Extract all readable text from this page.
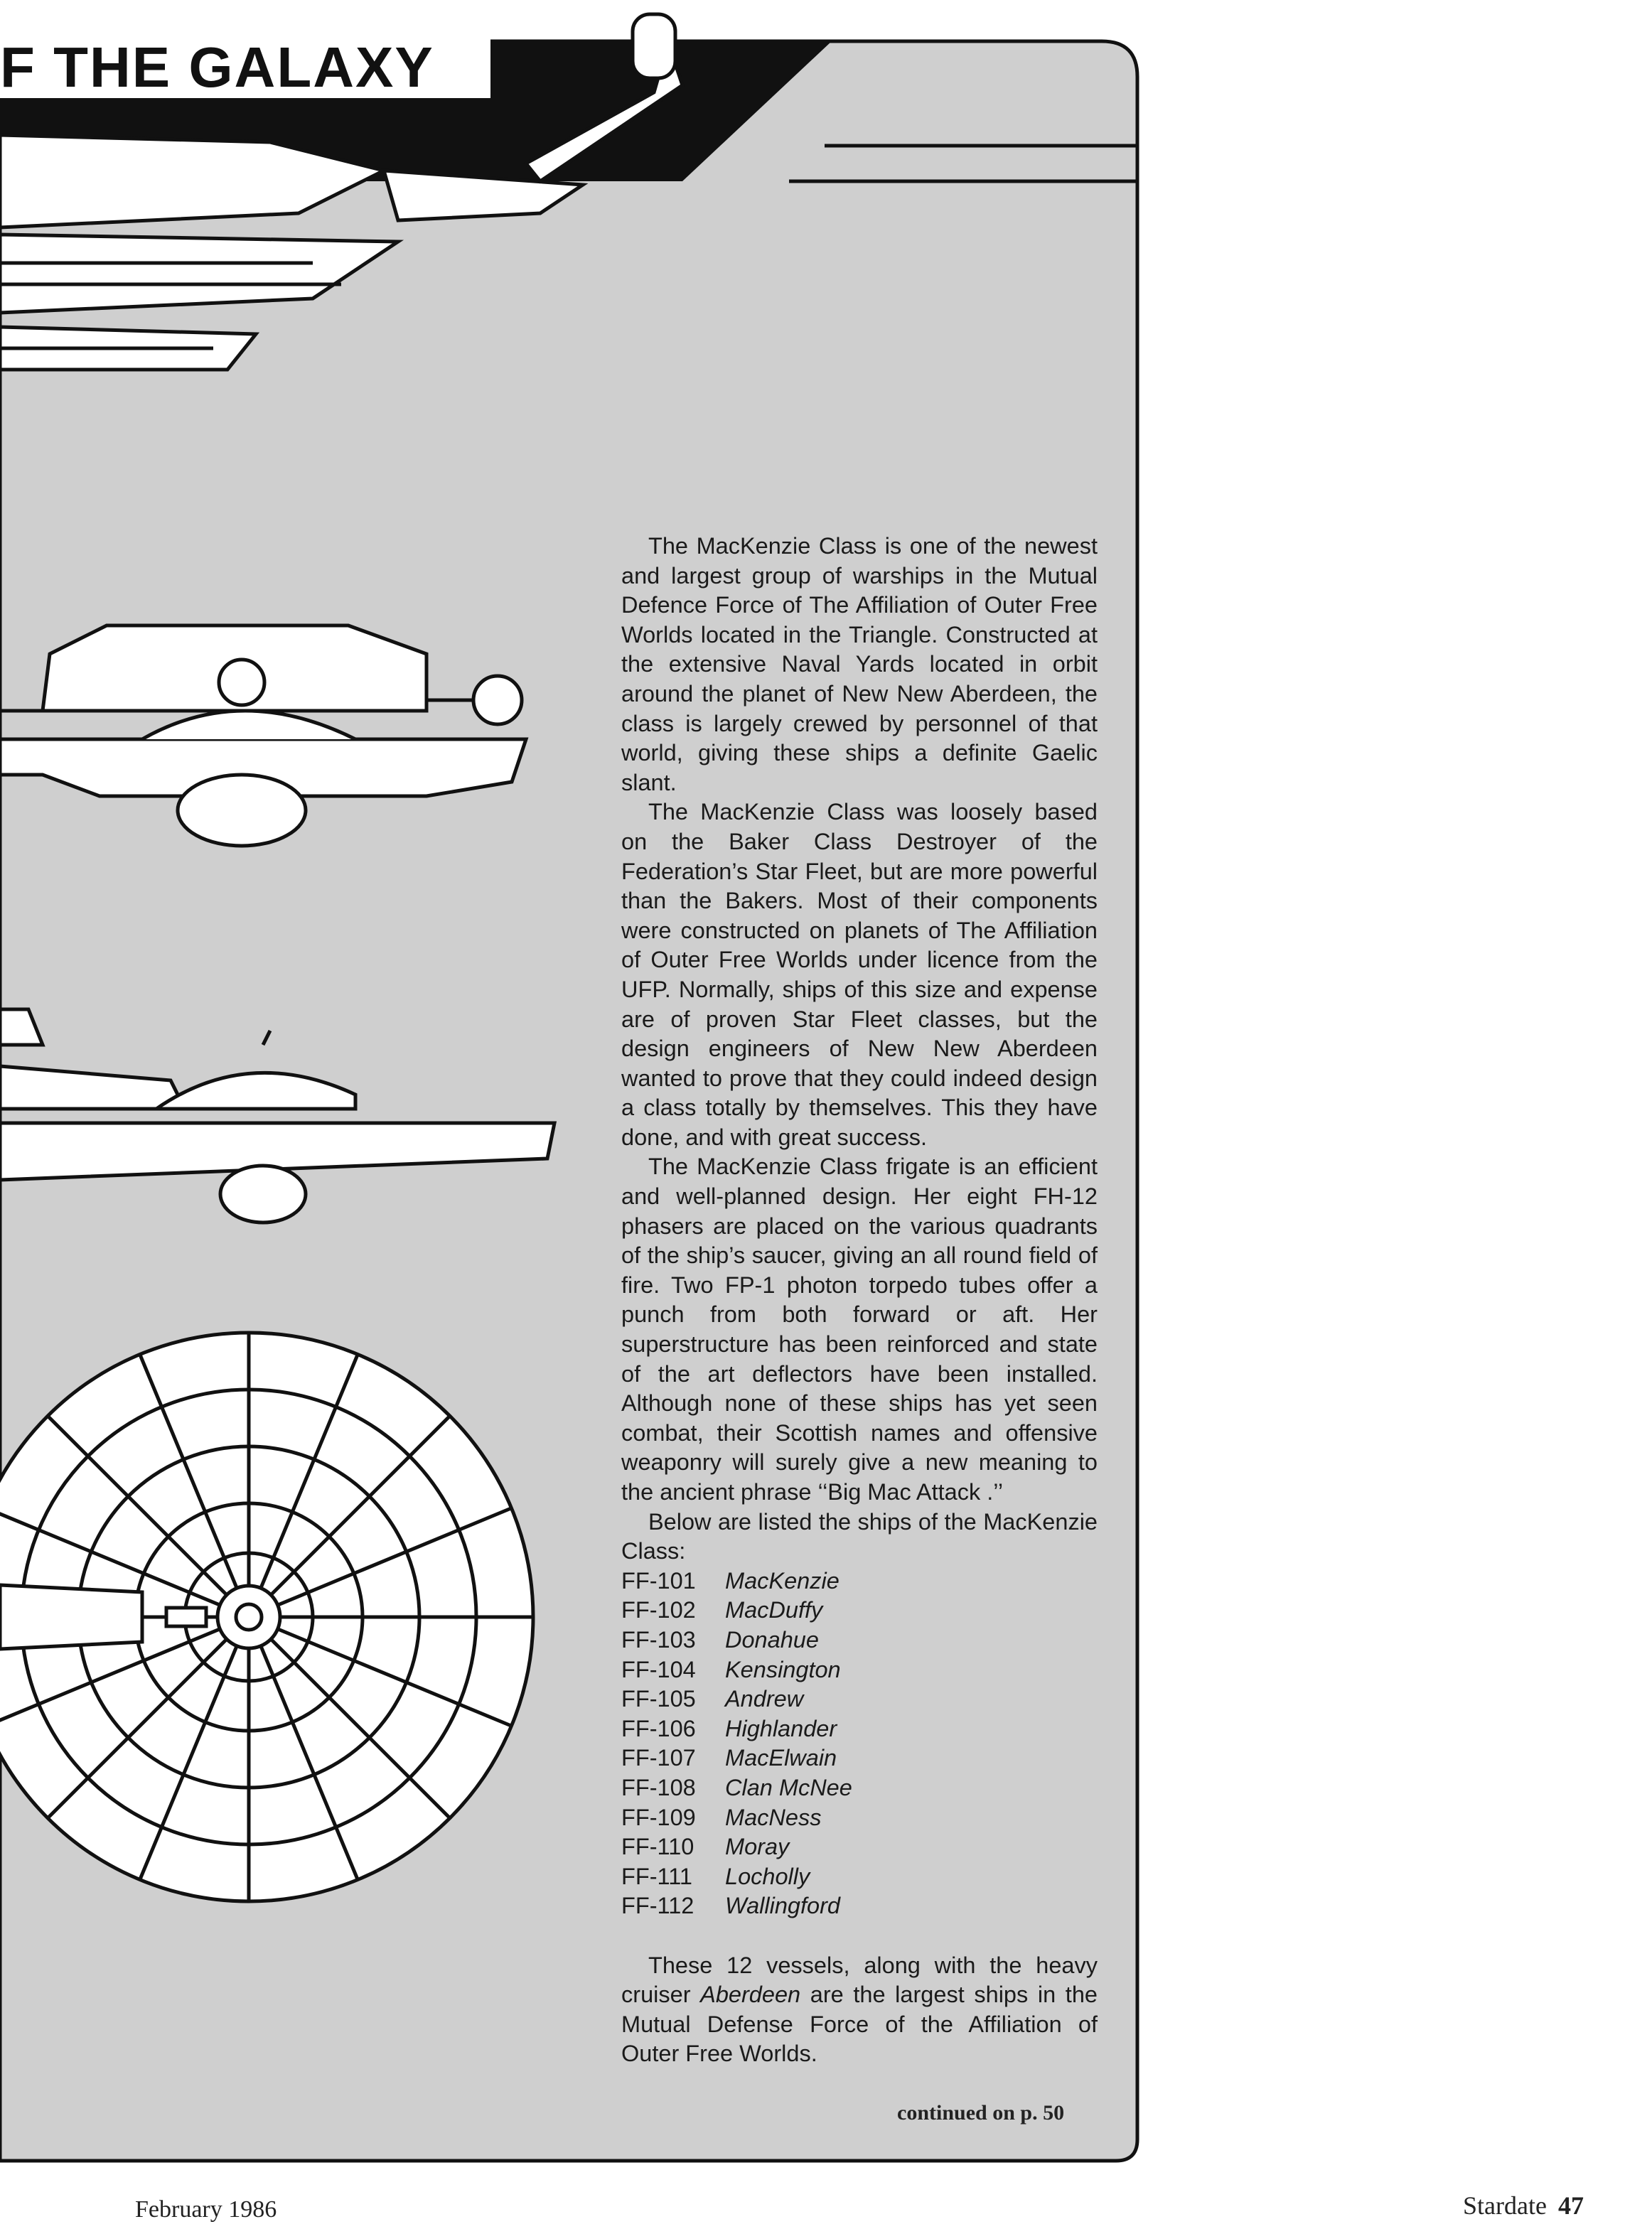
F THE GALAXY

The MacKenzie Class is one of the newest and largest group of warships in the Mutual Defence Force of The Affiliation of Outer Free Worlds located in the Triangle. Constructed at the extensive Naval Yards located in orbit around the planet of New New Aberdeen, the class is largely crewed by personnel of that world, giving these ships a definite Gaelic slant.

The MacKenzie Class was loosely based on the Baker Class Destroyer of the Federation’s Star Fleet, but are more powerful than the Bakers. Most of their components were constructed on planets of The Affiliation of Outer Free Worlds under licence from the UFP. Normally, ships of this size and expense are of proven Star Fleet classes, but the design engineers of New New Aberdeen wanted to prove that they could indeed design a class totally by themselves. This they have done, and with great success.

The MacKenzie Class frigate is an efficient and well-planned design. Her eight FH-12 phasers are placed on the various quadrants of the ship’s saucer, giving an all round field of fire. Two FP-1 photon torpedo tubes offer a punch from both forward or aft. Her superstructure has been reinforced and state of the art deflectors have been installed. Although none of these ships has yet seen combat, their Scottish names and offensive weaponry will surely give a new meaning to the ancient phrase ‘‘Big Mac Attack .’’

Below are listed the ships of the MacKenzie Class:

FF-101	MacKenzie
FF-102	MacDuffy
FF-103	Donahue
FF-104	Kensington
FF-105	Andrew
FF-106	Highlander
FF-107	MacElwain
FF-108	Clan McNee
FF-109	MacNess
FF-110	Moray
FF-111	Locholly
FF-112	Wallingford

These 12 vessels, along with the heavy cruiser Aberdeen are the largest ships in the Mutual Defense Force of the Affiliation of Outer Free Worlds.

continued on p. 50
February 1986	Stardate 47
